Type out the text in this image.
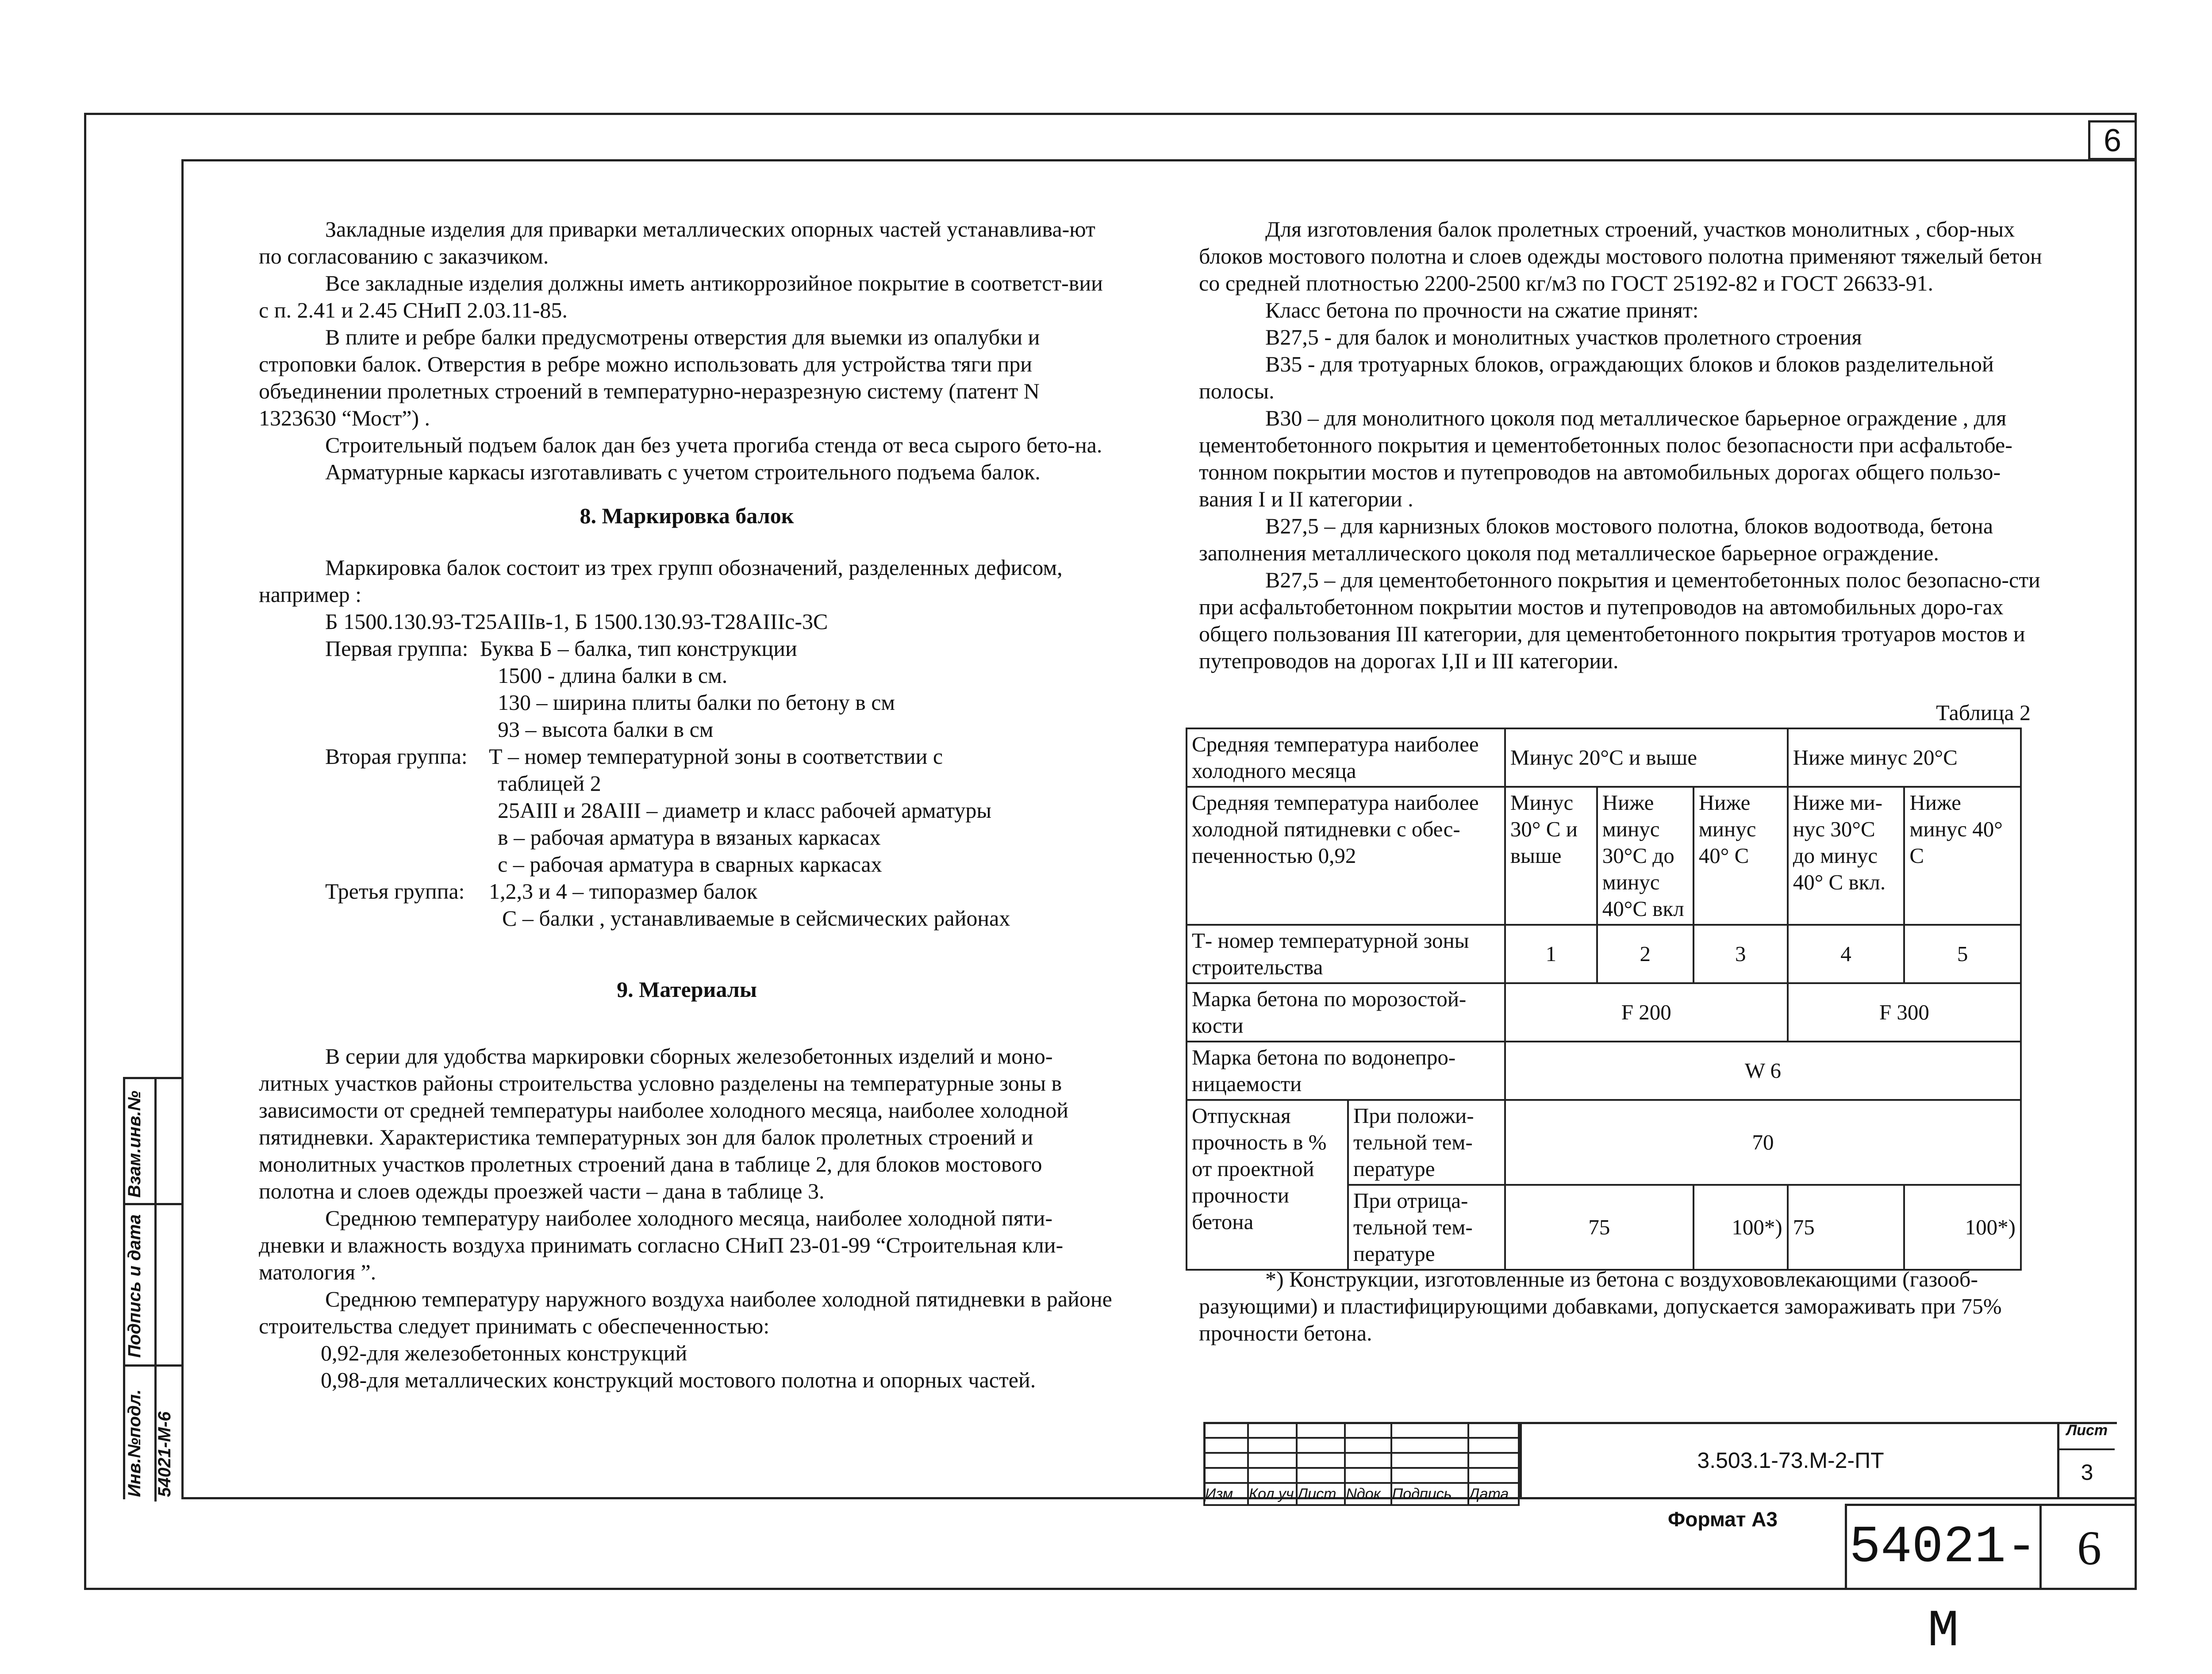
6

Закладные изделия для приварки металлических опорных частей устанавлива-ют по согласованию с заказчиком.

Все закладные изделия должны иметь антикоррозийное покрытие в соответст-вии с п. 2.41 и 2.45 СНиП 2.03.11-85.

В плите и ребре балки предусмотрены отверстия для выемки из опалубки и строповки балок. Отверстия в ребре можно использовать для устройства тяги при объединении пролетных строений в температурно-неразрезную систему (патент N 1323630 “Мост”) .

Строительный подъем балок дан без учета прогиба стенда от веса сырого бето-на.

Арматурные каркасы изготавливать с учетом строительного подъема балок.

8. Маркировка балок

Маркировка балок состоит из трех групп обозначений, разделенных дефисом, например :

Б 1500.130.93-Т25АIIIв-1, Б 1500.130.93-Т28АIIIс-3С

Первая группа: Буква Б – балка, тип конструкции
1500 - длина балки в см.
130 – ширина плиты балки по бетону в см
93 – высота балки в см
Вторая группа: Т – номер температурной зоны в соответствии с
таблицей 2
25АIII и 28АIII – диаметр и класс рабочей арматуры
в – рабочая арматура в вязаных каркасах
с – рабочая арматура в сварных каркасах
Третья группа:	1,2,3 и 4 – типоразмер балок
С – балки , устанавливаемые в сейсмических районах

9. Материалы

В серии для удобства маркировки сборных железобетонных изделий и моно-литных участков районы строительства условно разделены на температурные зоны в зависимости от средней температуры наиболее холодного месяца, наиболее холодной пятидневки. Характеристика температурных зон для балок пролетных строений и монолитных участков пролетных строений дана в таблице 2, для блоков мостового полотна и слоев одежды проезжей части – дана в таблице 3.

Среднюю температуру наиболее холодного месяца, наиболее холодной пяти-дневки и влажность воздуха принимать согласно СНиП 23-01-99 “Строительная кли-матология ”.

Среднюю температуру наружного воздуха наиболее холодной пятидневки в районе строительства следует принимать с обеспеченностью:

0,92-для железобетонных конструкций

0,98-для металлических конструкций мостового полотна и опорных частей.

Для изготовления балок пролетных строений, участков монолитных , сбор-ных блоков мостового полотна и слоев одежды мостового полотна применяют тяжелый бетон со средней плотностью 2200-2500 кг/м3 по ГОСТ 25192-82 и ГОСТ 26633-91.

Класс бетона по прочности на сжатие принят:

В27,5 - для балок и монолитных участков пролетного строения

В35 - для тротуарных блоков, ограждающих блоков и блоков разделительной полосы.

В30 – для монолитного цоколя под металлическое барьерное ограждение , для цементобетонного покрытия и цементобетонных полос безопасности при асфальтобе-тонном покрытии мостов и путепроводов на автомобильных дорогах общего пользо-вания I и II категории .

В27,5 – для карнизных блоков мостового полотна, блоков водоотвода, бетона заполнения металлического цоколя под металлическое барьерное ограждение.

В27,5 – для цементобетонного покрытия и цементобетонных полос безопасно-сти при асфальтобетонном покрытии мостов и путепроводов на автомобильных доро-гах общего пользования III категории, для цементобетонного покрытия тротуаров мостов и путепроводов на дорогах I,II и III категории.

Таблица 2
Средняя температура наиболее холодного месяца		Минус 20°С и выше			Ниже минус 20°С	
Средняя температура наиболее холодной пятидневки с обес-печенностью 0,92		Минус 30° С и выше	Ниже минус 30°С до минус 40°С вкл	Ниже минус 40° С	Ниже ми-нус 30°С до минус 40° С вкл.	Ниже минус 40° С
Т- номер температурной зоны строительства		1	2	3	4	5
Марка бетона по морозостой-кости		F 200			F 300	
Марка бетона по водонепро-ницаемости		W 6				
Отпускная прочность в % от проектной прочности бетона	При положи-тельной тем-пературе	70				
	При отрица-тельной тем-пературе	75		100*)	75	100*)
*) Конструкции, изготовленные из бетона с воздухововлекающими (газооб-разующими) и пластифицирующими добавками, допускается замораживать при 75% прочности бетона.

Изм	Кол.уч	Лист	Nдок	Подпись	Дата
3.503.1-73.М-2-ПТ
Лист
3
Формат А3 54021-М
6
Взам.инв.№
Подпись и дата
Инв.№подл. 54021-М-6
